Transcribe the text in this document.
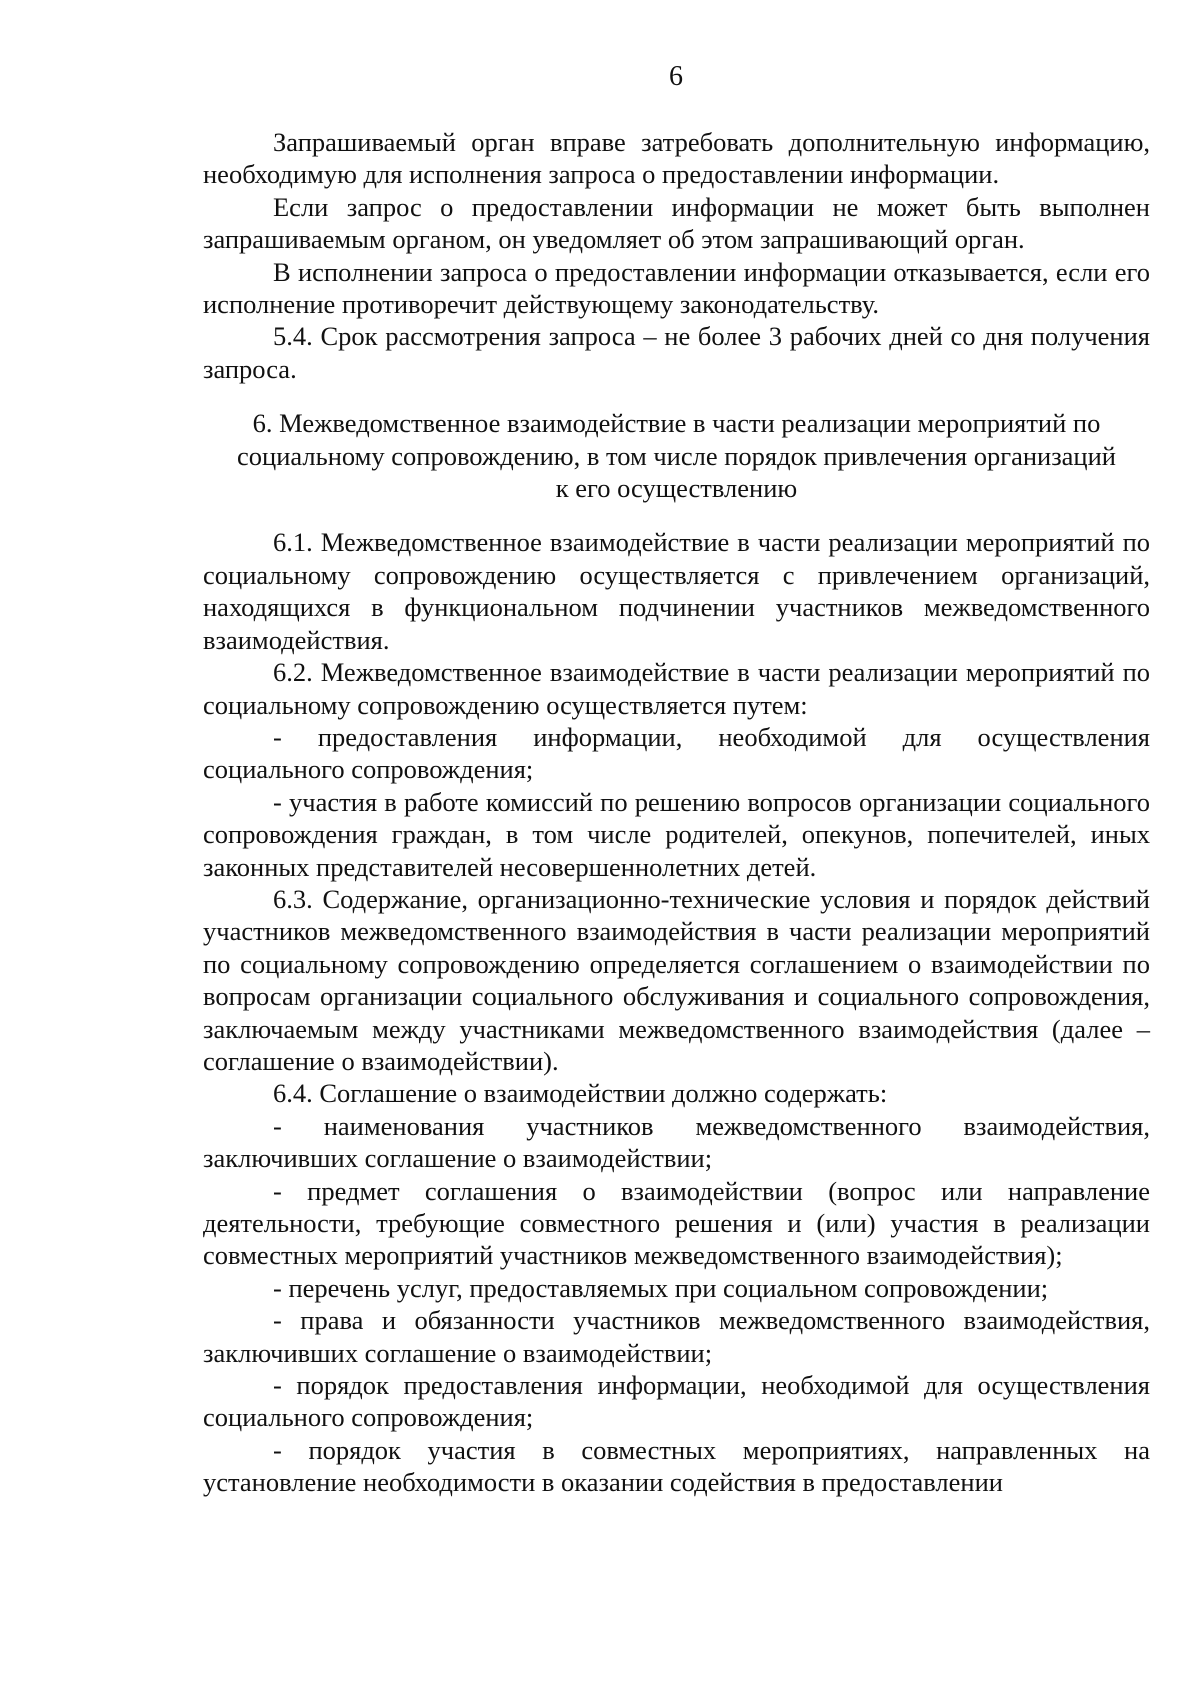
6

Запрашиваемый орган вправе затребовать дополнительную информацию, необходимую для исполнения запроса о предоставлении информации.

Если запрос о предоставлении информации не может быть выполнен запрашиваемым органом, он уведомляет об этом запрашивающий орган.

В исполнении запроса о предоставлении информации отказывается, если его исполнение противоречит действующему законодательству.

5.4. Срок рассмотрения запроса – не более 3 рабочих дней со дня получения запроса.

6. Межведомственное взаимодействие в части реализации мероприятий по
социальному сопровождению, в том числе порядок привлечения организаций
к его осуществлению

6.1. Межведомственное взаимодействие в части реализации мероприятий по социальному сопровождению осуществляется с привлечением организаций, находящихся в функциональном подчинении участников межведомственного взаимодействия.

6.2. Межведомственное взаимодействие в части реализации мероприятий по социальному сопровождению осуществляется путем:

- предоставления информации, необходимой для осуществления социального сопровождения;

- участия в работе комиссий по решению вопросов организации социального сопровождения граждан, в том числе родителей, опекунов, попечителей, иных законных представителей несовершеннолетних детей.

6.3. Содержание, организационно-технические условия и порядок действий участников межведомственного взаимодействия в части реализации мероприятий по социальному сопровождению определяется соглашением о взаимодействии по вопросам организации социального обслуживания и социального сопровождения, заключаемым между участниками межведомственного взаимодействия (далее – соглашение о взаимодействии).

6.4. Соглашение о взаимодействии должно содержать:

- наименования участников межведомственного взаимодействия, заключивших соглашение о взаимодействии;

- предмет соглашения о взаимодействии (вопрос или направление деятельности, требующие совместного решения и (или) участия в реализации совместных мероприятий участников межведомственного взаимодействия);

- перечень услуг, предоставляемых при социальном сопровождении;

- права и обязанности участников межведомственного взаимодействия, заключивших соглашение о взаимодействии;

- порядок предоставления информации, необходимой для осуществления социального сопровождения;

- порядок участия в совместных мероприятиях, направленных на установление необходимости в оказании содействия в предоставлении
